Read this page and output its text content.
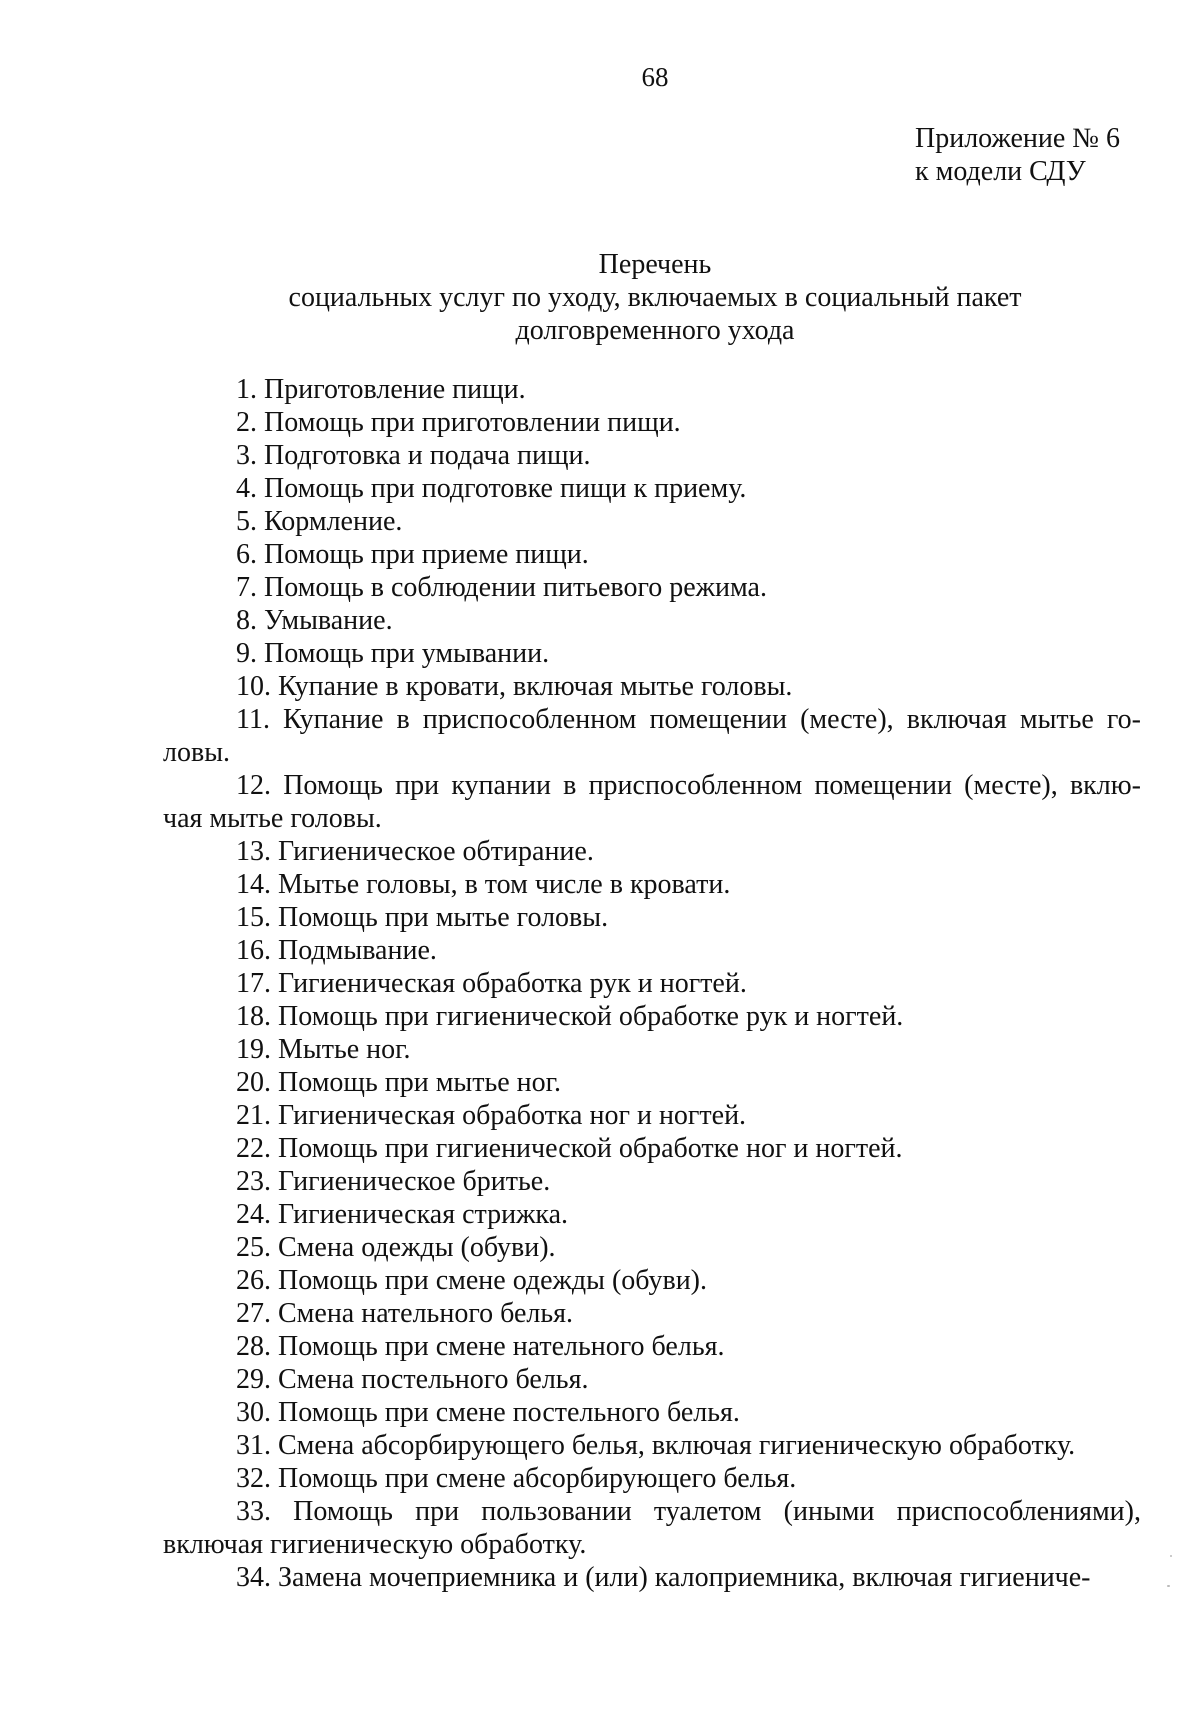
68

Приложение № 6
к модели СДУ

Перечень
социальных услуг по уходу, включаемых в социальный пакет
долговременного ухода
1. Приготовление пищи.
2. Помощь при приготовлении пищи.
3. Подготовка и подача пищи.
4. Помощь при подготовке пищи к приему.
5. Кормление.
6. Помощь при приеме пищи.
7. Помощь в соблюдении питьевого режима.
8. Умывание.
9. Помощь при умывании.
10. Купание в кровати, включая мытье головы.
11. Купание в приспособленном помещении (месте), включая мытье го-
ловы.
12. Помощь при купании в приспособленном помещении (месте), вклю-
чая мытье головы.
13. Гигиеническое обтирание.
14. Мытье головы, в том числе в кровати.
15. Помощь при мытье головы.
16. Подмывание.
17. Гигиеническая обработка рук и ногтей.
18. Помощь при гигиенической обработке рук и ногтей.
19. Мытье ног.
20. Помощь при мытье ног.
21. Гигиеническая обработка ног и ногтей.
22. Помощь при гигиенической обработке ног и ногтей.
23. Гигиеническое бритье.
24. Гигиеническая стрижка.
25. Смена одежды (обуви).
26. Помощь при смене одежды (обуви).
27. Смена нательного белья.
28. Помощь при смене нательного белья.
29. Смена постельного белья.
30. Помощь при смене постельного белья.
31. Смена абсорбирующего белья, включая гигиеническую обработку.
32. Помощь при смене абсорбирующего белья.
33. Помощь при пользовании туалетом (иными приспособлениями),
включая гигиеническую обработку.
34. Замена мочеприемника и (или) калоприемника, включая гигиениче-
